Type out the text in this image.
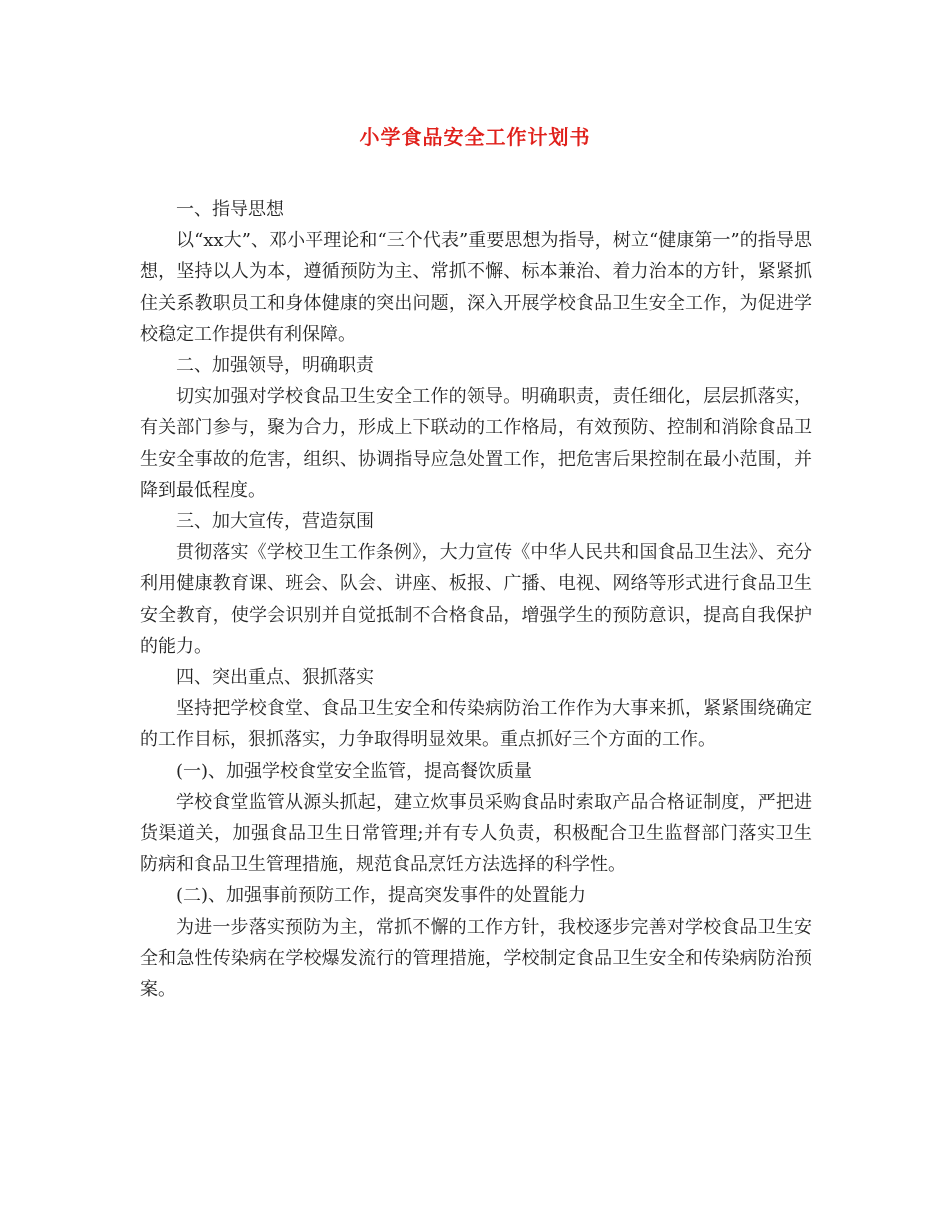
小学食品安全工作计划书

一、指导思想

以“xx大”、邓小平理论和“三个代表”重要思想为指导，树立“健康第一”的指导思想，坚持以人为本，遵循预防为主、常抓不懈、标本兼治、着力治本的方针，紧紧抓住关系教职员工和身体健康的突出问题，深入开展学校食品卫生安全工作，为促进学校稳定工作提供有利保障。

二、加强领导，明确职责

切实加强对学校食品卫生安全工作的领导。明确职责，责任细化，层层抓落实，有关部门参与，聚为合力，形成上下联动的工作格局，有效预防、控制和消除食品卫生安全事故的危害，组织、协调指导应急处置工作，把危害后果控制在最小范围，并降到最低程度。

三、加大宣传，营造氛围

贯彻落实《学校卫生工作条例》，大力宣传《中华人民共和国食品卫生法》、充分利用健康教育课、班会、队会、讲座、板报、广播、电视、网络等形式进行食品卫生安全教育，使学会识别并自觉抵制不合格食品，增强学生的预防意识，提高自我保护的能力。

四、突出重点、狠抓落实

坚持把学校食堂、食品卫生安全和传染病防治工作作为大事来抓，紧紧围绕确定的工作目标，狠抓落实，力争取得明显效果。重点抓好三个方面的工作。

(一)、加强学校食堂安全监管，提高餐饮质量

学校食堂监管从源头抓起，建立炊事员采购食品时索取产品合格证制度，严把进货渠道关，加强食品卫生日常管理;并有专人负责，积极配合卫生监督部门落实卫生防病和食品卫生管理措施，规范食品烹饪方法选择的科学性。

(二)、加强事前预防工作，提高突发事件的处置能力

为进一步落实预防为主，常抓不懈的工作方针，我校逐步完善对学校食品卫生安全和急性传染病在学校爆发流行的管理措施，学校制定食品卫生安全和传染病防治预案。
